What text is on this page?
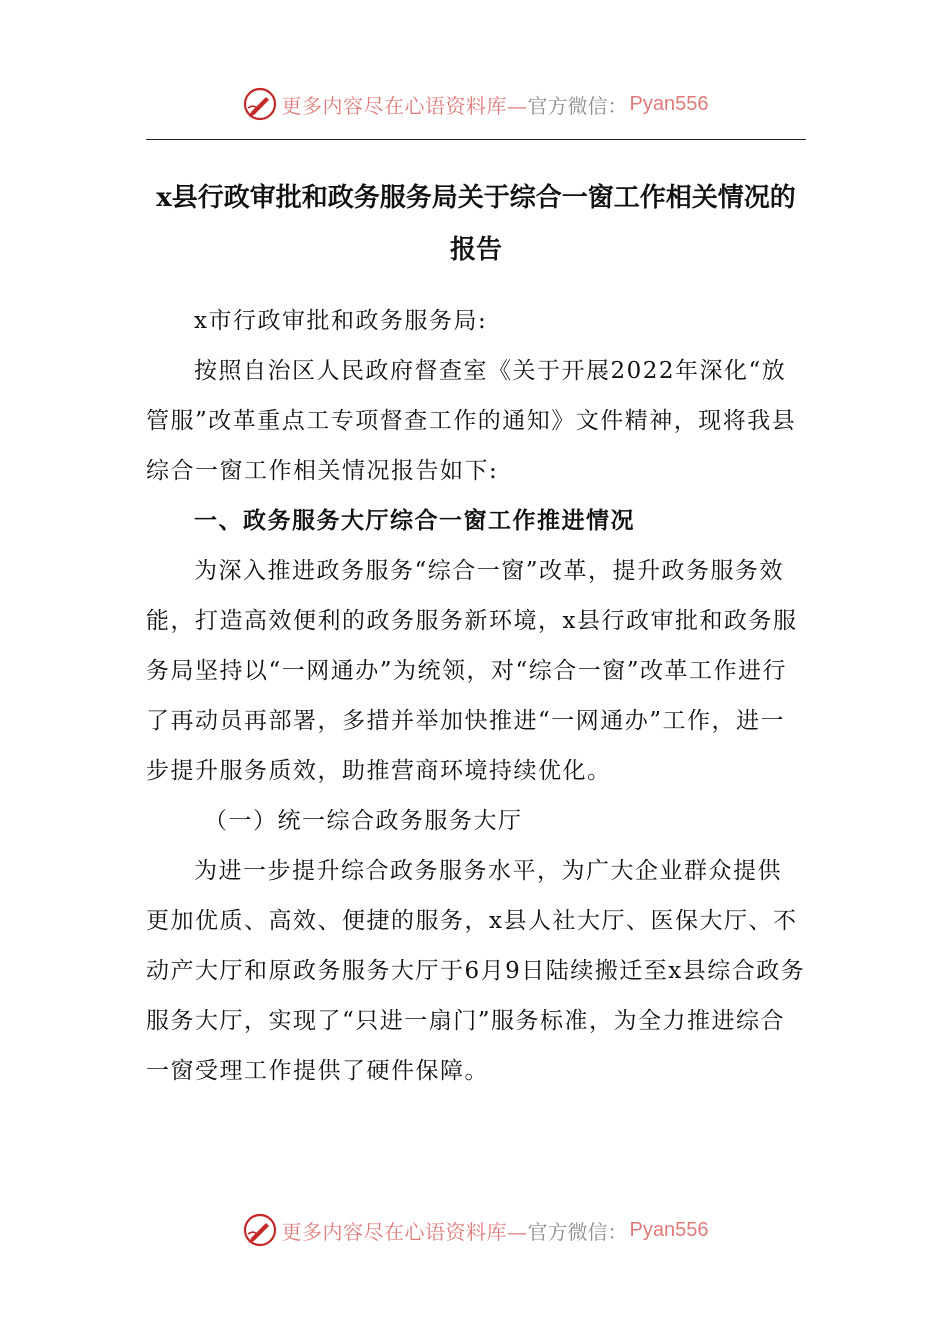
更多内容尽在心语资料库— 官方微信： Pyan556
x县行政审批和政务服务局关于综合一窗工作相关情况的报告

x市行政审批和政务服务局:

按照自治区人民政府督查室《关于开展2022年深化“放管服”改革重点工专项督查工作的通知》文件精神，现将我县综合一窗工作相关情况报告如下:

一、政务服务大厅综合一窗工作推进情况

为深入推进政务服务“综合一窗”改革，提升政务服务效能，打造高效便利的政务服务新环境，x县行政审批和政务服务局坚持以“一网通办”为统领，对“综合一窗”改革工作进行了再动员再部署，多措并举加快推进“一网通办”工作，进一步提升服务质效，助推营商环境持续优化。

（一）统一综合政务服务大厅

为进一步提升综合政务服务水平，为广大企业群众提供更加优质、高效、便捷的服务，x县人社大厅、医保大厅、不动产大厅和原政务服务大厅于6月9日陆续搬迁至x县综合政务服务大厅，实现了“只进一扇门”服务标准，为全力推进综合一窗受理工作提供了硬件保障。

更多内容尽在心语资料库— 官方微信： Pyan556
